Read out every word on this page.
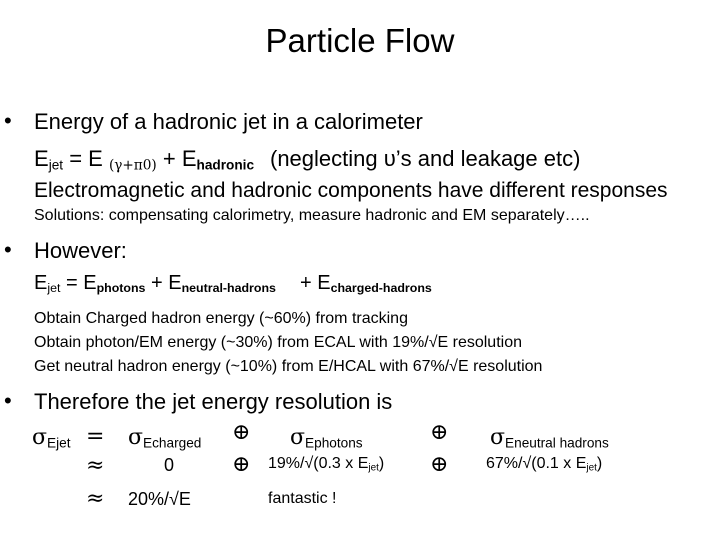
Particle Flow
• Energy of a hadronic jet in a calorimeter
$E_{jet} = E$ $_{(\gamma+\pi 0)} + E_{hadronic}$ (neglecting υ’s and leakage etc)
Electromagnetic and hadronic components have different responses
Solutions: compensating calorimetry, measure hadronic and EM separately…..
• However:
$E_{jet} = E_{photons} + E_{neutral-hadrons} + E_{charged-hadrons}$
Obtain Charged hadron energy (~60%) from tracking
Obtain photon/EM energy (~30%) from ECAL with 19%/√E resolution
Get neutral hadron energy (~10%) from E/HCAL with 67%/√E resolution
• Therefore the jet energy resolution is
$\sigma_{Ejet} = \sigma_{Echarged}$ ⊕ $\sigma_{Ephotons}$	⊕ $\sigma_{Eneutral hadrons}$
≈	0	⊕ 19%/√(0.3 x $E_{jet}$) ⊕ 67%/√(0.1 x $E_{jet}$)
≈ 20%/√E	fantastic !
